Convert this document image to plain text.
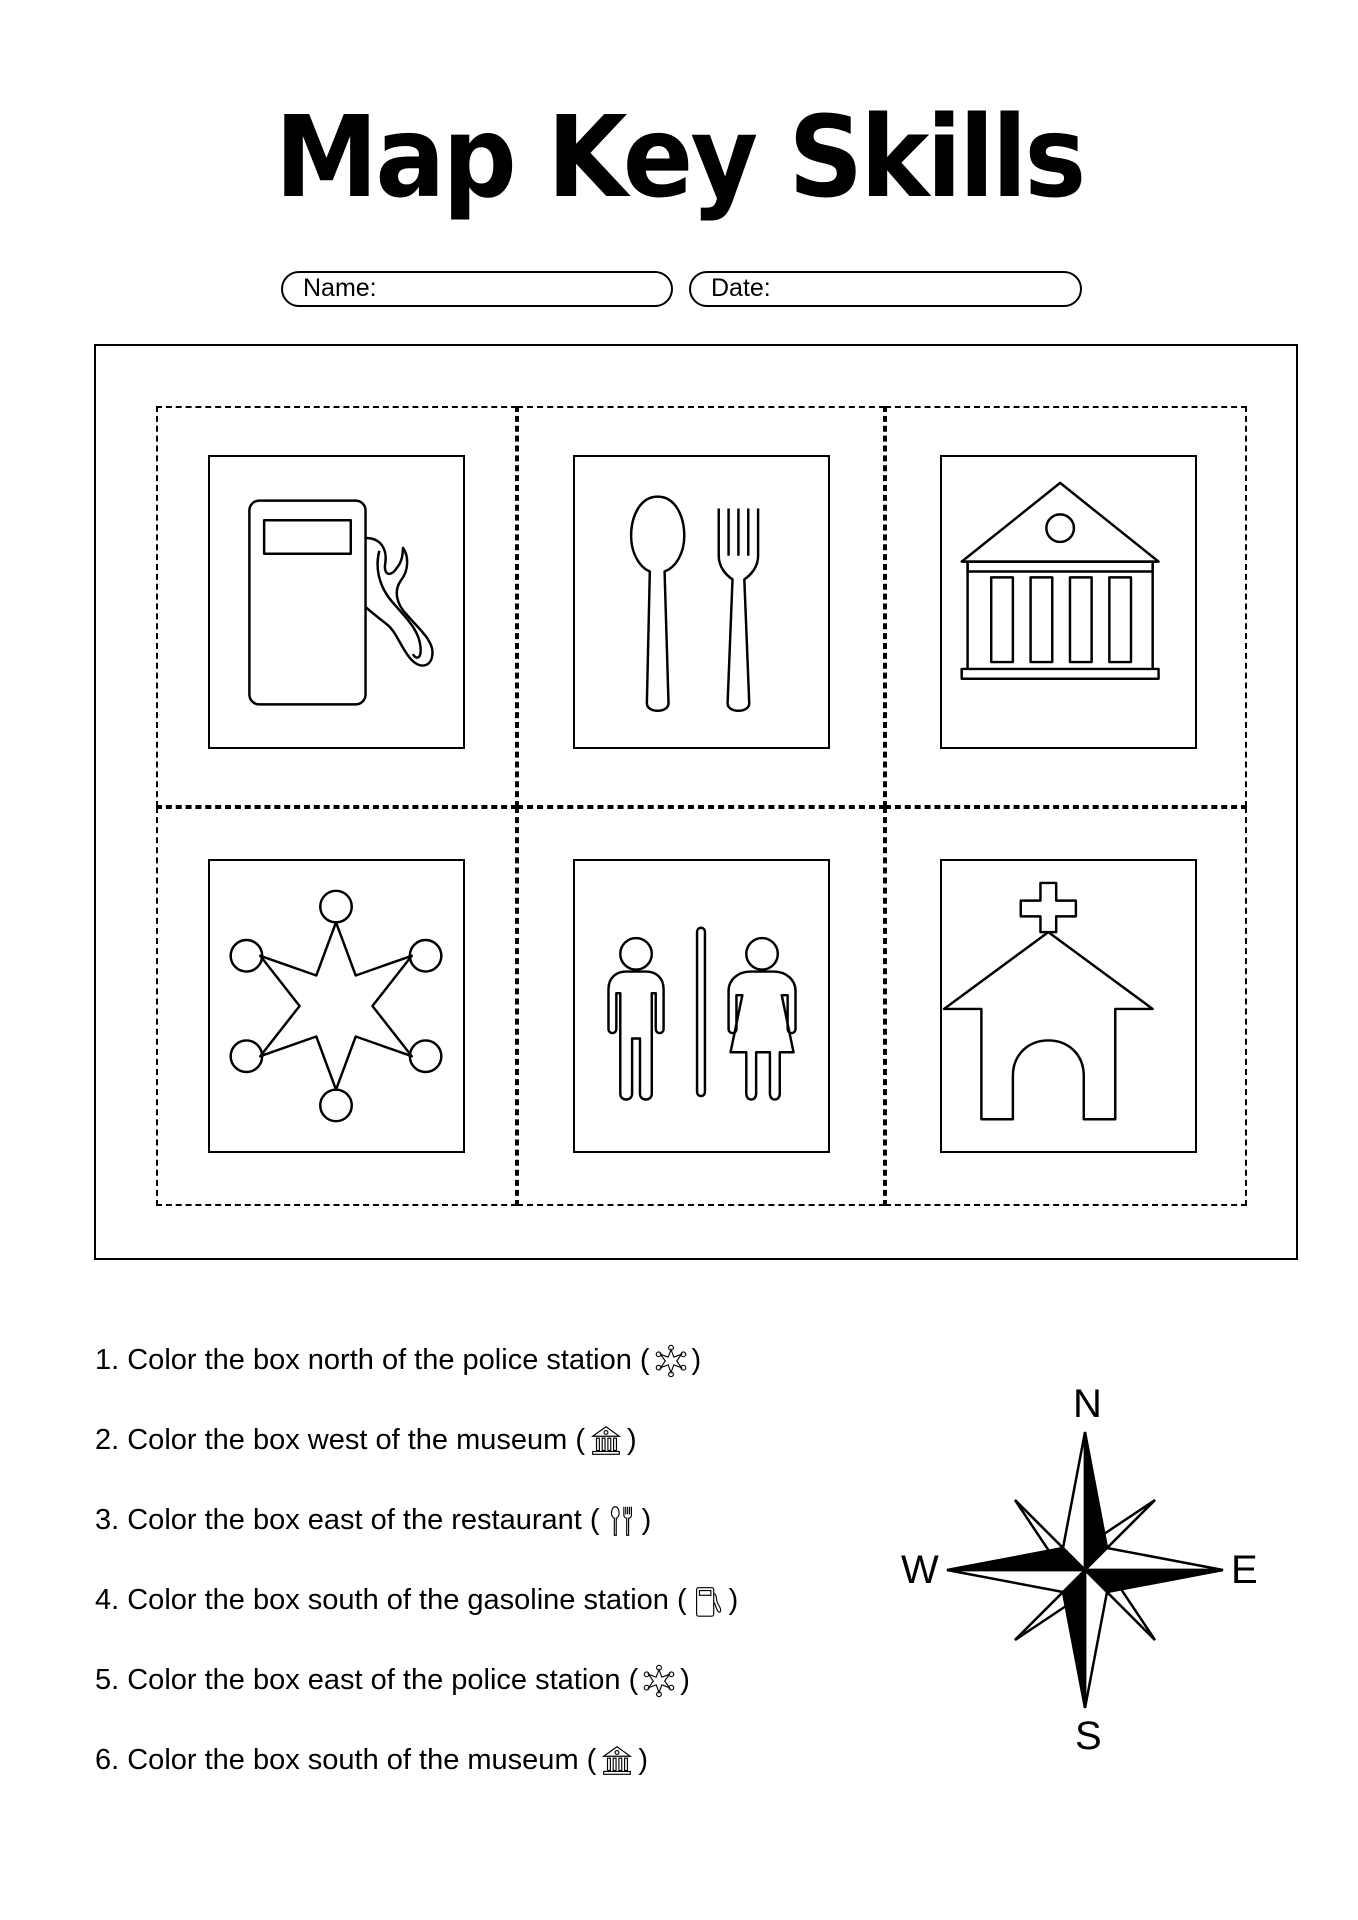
Map Key Skills
Name:	Date:
1. Color the box north of the police station ( )
2. Color the box west of the museum ( )
3. Color the box east of the restaurant ( )
4. Color the box south of the gasoline station ( )
5. Color the box east of the police station ( )
6. Color the box south of the museum ( )
N
E
S
W
